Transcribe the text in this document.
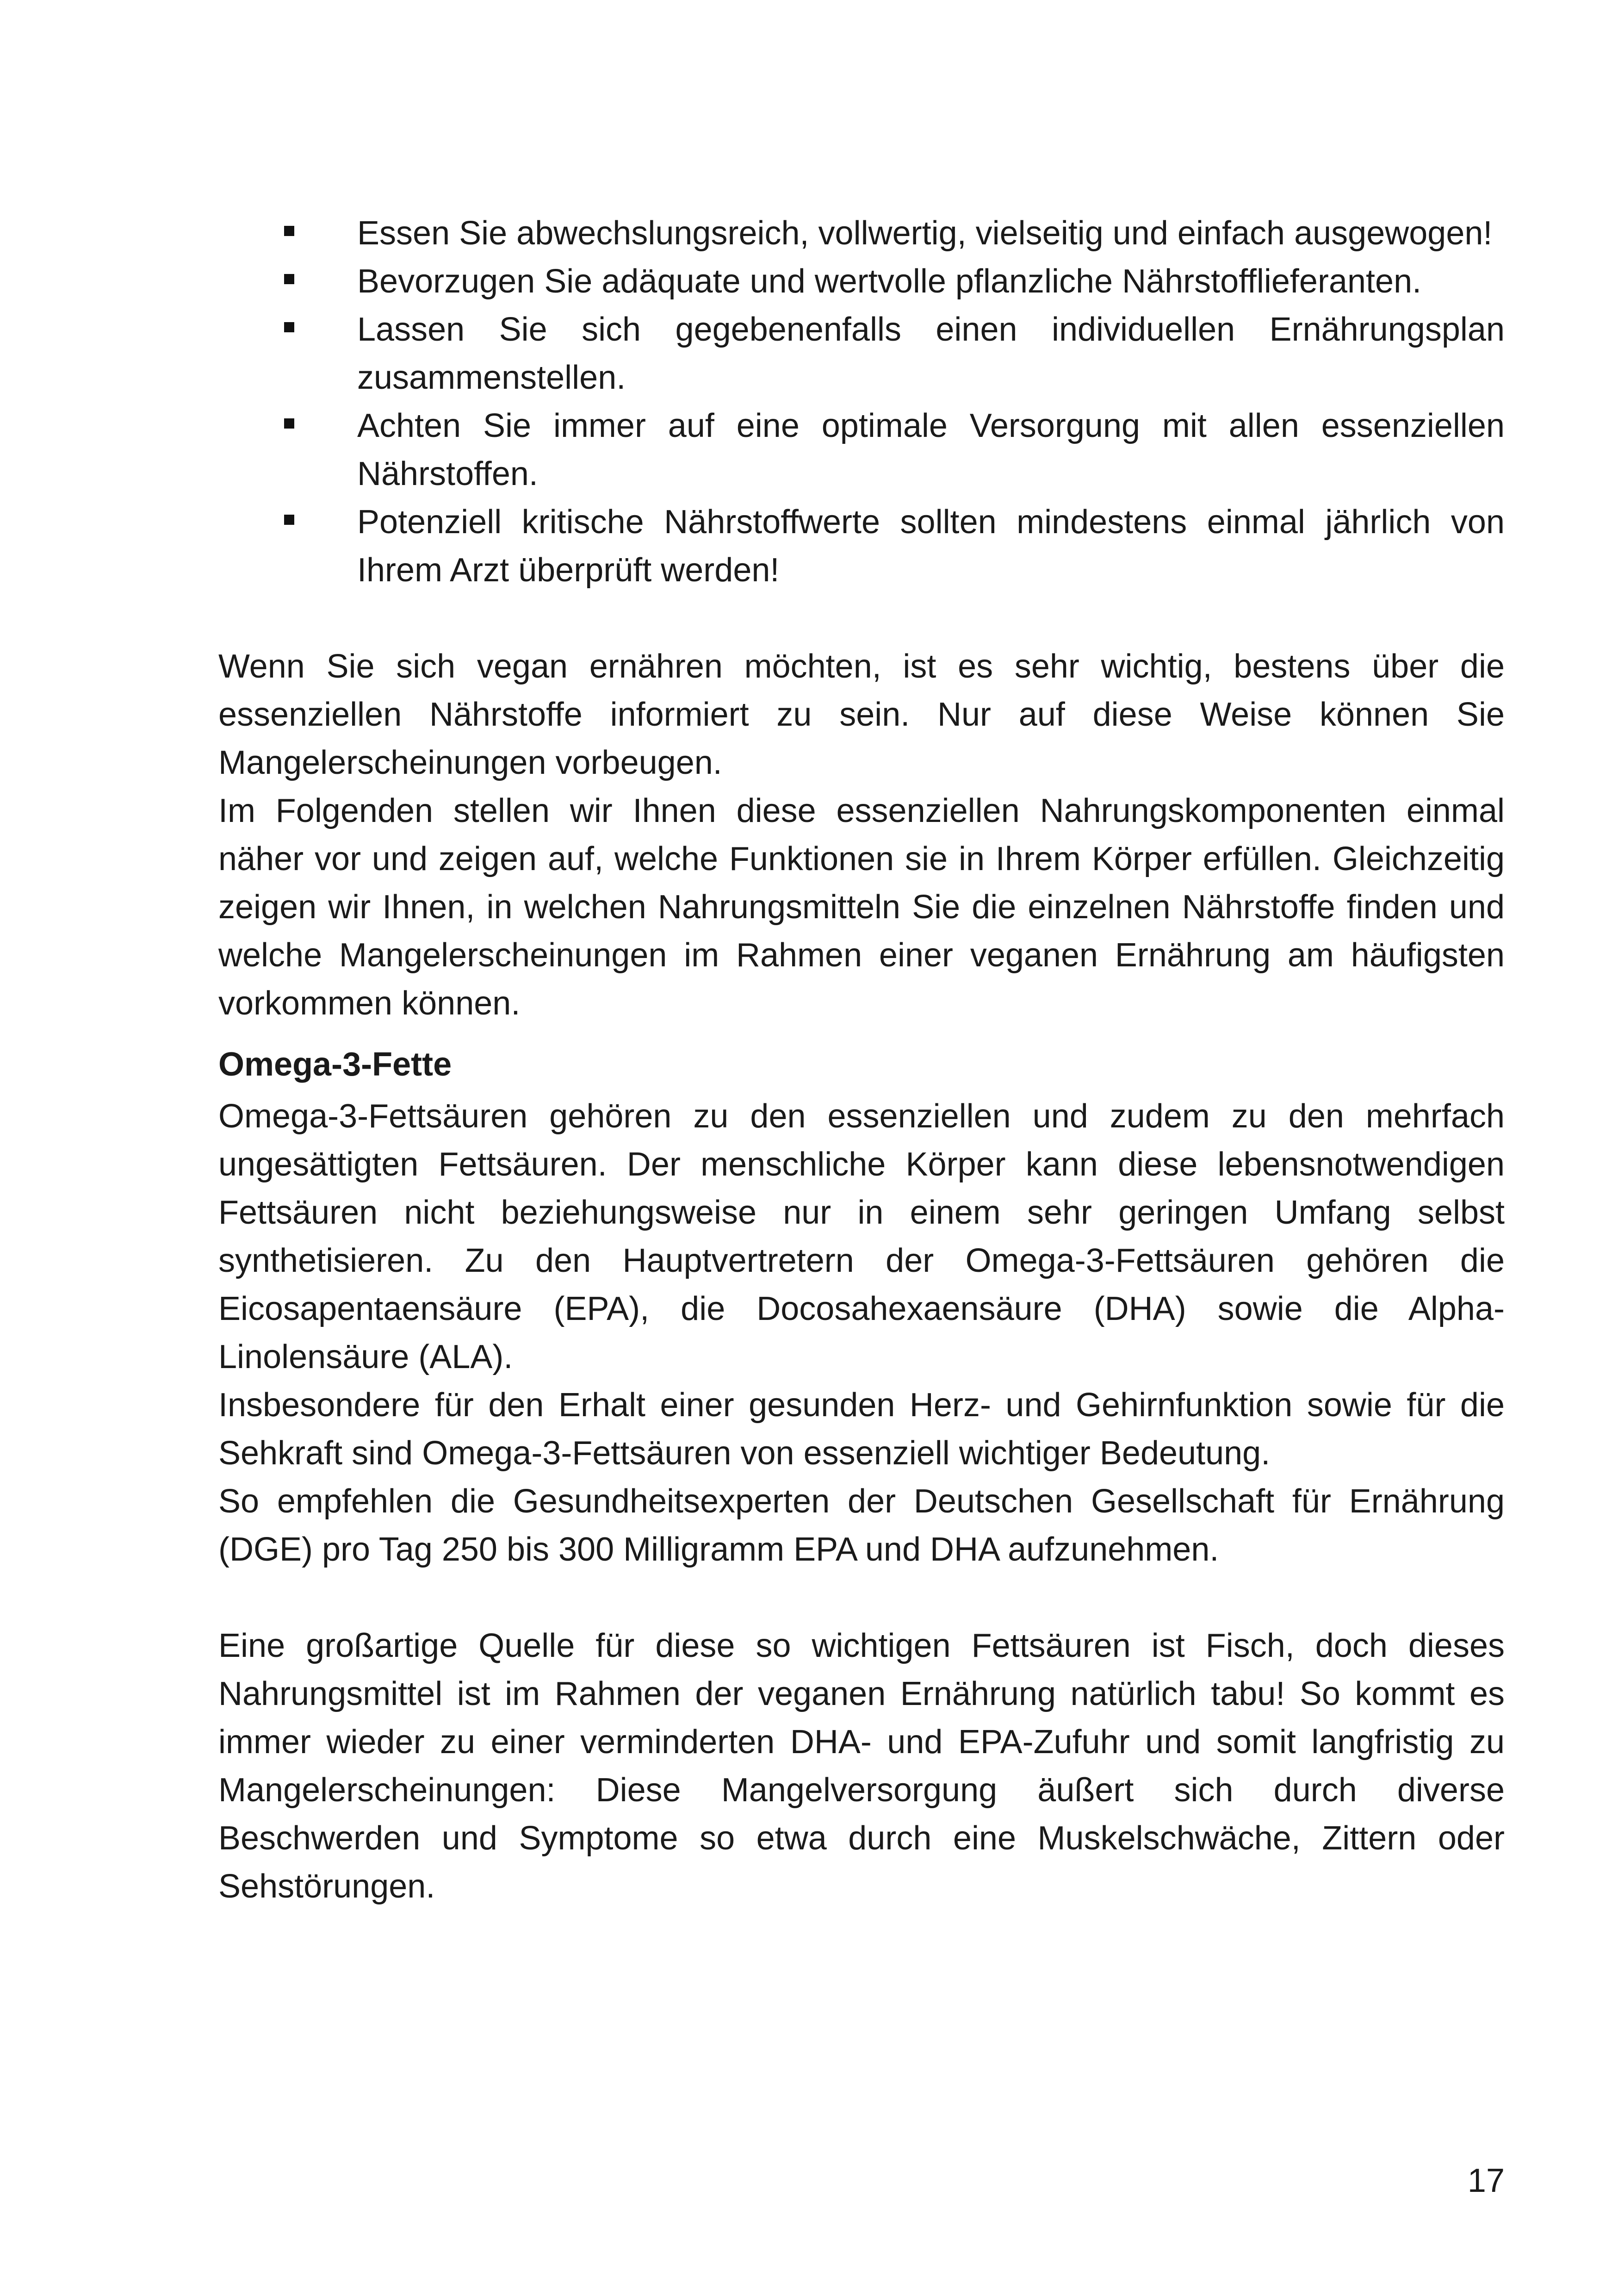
Essen Sie abwechslungsreich, vollwertig, vielseitig und einfach ausgewogen!
Bevorzugen Sie adäquate und wertvolle pflanzliche Nährstofflieferanten.
Lassen Sie sich gegebenenfalls einen individuellen Ernährungsplan zusammenstellen.
Achten Sie immer auf eine optimale Versorgung mit allen essenziellen Nährstoffen.
Potenziell kritische Nährstoffwerte sollten mindestens einmal jährlich von Ihrem Arzt überprüft werden!

Wenn Sie sich vegan ernähren möchten, ist es sehr wichtig, bestens über die essenziellen Nährstoffe informiert zu sein. Nur auf diese Weise können Sie Mangelerscheinungen vorbeugen.

Im Folgenden stellen wir Ihnen diese essenziellen Nahrungskomponenten einmal näher vor und zeigen auf, welche Funktionen sie in Ihrem Körper erfüllen. Gleichzeitig zeigen wir Ihnen, in welchen Nahrungsmitteln Sie die einzelnen Nährstoffe finden und welche Mangelerscheinungen im Rahmen einer veganen Ernährung am häufigsten vorkommen können.

Omega-3-Fette

Omega-3-Fettsäuren gehören zu den essenziellen und zudem zu den mehrfach ungesättigten Fettsäuren. Der menschliche Körper kann diese lebensnotwendigen Fettsäuren nicht beziehungsweise nur in einem sehr geringen Umfang selbst synthetisieren. Zu den Hauptvertretern der Omega-3-Fettsäuren gehören die Eicosapentaensäure (EPA), die Docosahexaensäure (DHA) sowie die Alpha-Linolensäure (ALA).

Insbesondere für den Erhalt einer gesunden Herz- und Gehirnfunktion sowie für die Sehkraft sind Omega-3-Fettsäuren von essenziell wichtiger Bedeutung.

So empfehlen die Gesundheitsexperten der Deutschen Gesellschaft für Ernährung (DGE) pro Tag 250 bis 300 Milligramm EPA und DHA aufzunehmen.

Eine großartige Quelle für diese so wichtigen Fettsäuren ist Fisch, doch dieses Nahrungsmittel ist im Rahmen der veganen Ernährung natürlich tabu! So kommt es immer wieder zu einer verminderten DHA- und EPA-Zufuhr und somit langfristig zu Mangelerscheinungen: Diese Mangelversorgung äußert sich durch diverse Beschwerden und Symptome so etwa durch eine Muskelschwäche, Zittern oder Sehstörungen.

17
